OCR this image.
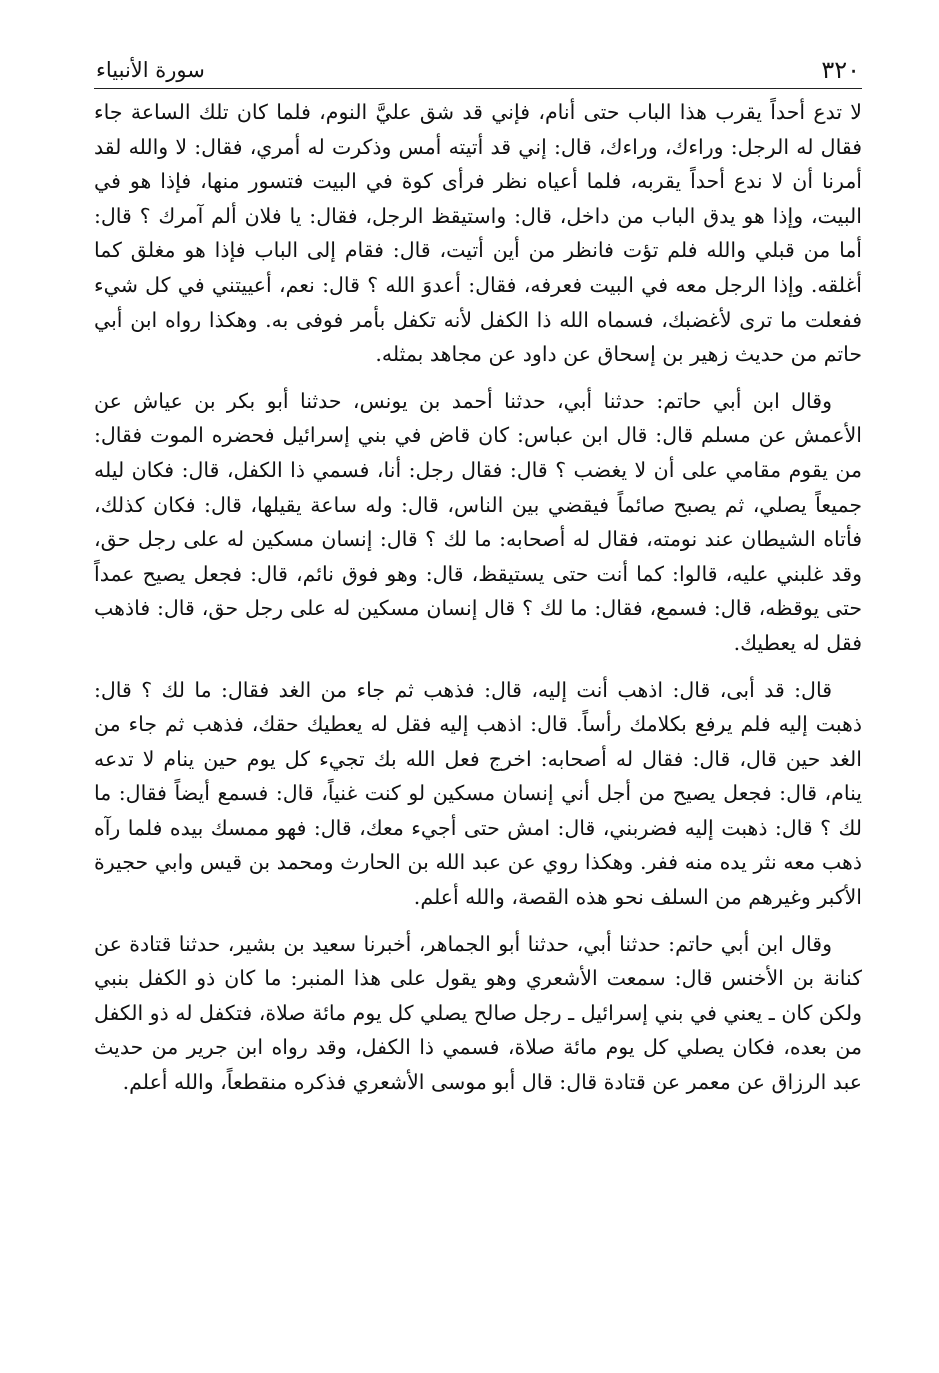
٣٢٠
سورة الأنبياء

لا تدع أحداً يقرب هذا الباب حتى أنام، فإني قد شق عليَّ النوم، فلما كان تلك الساعة جاء فقال له الرجل: وراءك، وراءك، قال: إني قد أتيته أمس وذكرت له أمري، فقال: لا والله لقد أمرنا أن لا ندع أحداً يقربه، فلما أعياه نظر فرأى كوة في البيت فتسور منها، فإذا هو في البيت، وإذا هو يدق الباب من داخل، قال: واستيقظ الرجل، فقال: يا فلان ألم آمرك ؟ قال: أما من قبلي والله فلم تؤت فانظر من أين أتيت، قال: فقام إلى الباب فإذا هو مغلق كما أغلقه. وإذا الرجل معه في البيت فعرفه، فقال: أعدوَ الله ؟ قال: نعم، أعييتني في كل شيء ففعلت ما ترى لأغضبك، فسماه الله ذا الكفل لأنه تكفل بأمر فوفى به. وهكذا رواه ابن أبي حاتم من حديث زهير بن إسحاق عن داود عن مجاهد بمثله.

وقال ابن أبي حاتم: حدثنا أبي، حدثنا أحمد بن يونس، حدثنا أبو بكر بن عياش عن الأعمش عن مسلم قال: قال ابن عباس: كان قاض في بني إسرائيل فحضره الموت فقال: من يقوم مقامي على أن لا يغضب ؟ قال: فقال رجل: أنا، فسمي ذا الكفل، قال: فكان ليله جميعاً يصلي، ثم يصبح صائماً فيقضي بين الناس، قال: وله ساعة يقيلها، قال: فكان كذلك، فأتاه الشيطان عند نومته، فقال له أصحابه: ما لك ؟ قال: إنسان مسكين له على رجل حق، وقد غلبني عليه، قالوا: كما أنت حتى يستيقظ، قال: وهو فوق نائم، قال: فجعل يصيح عمداً حتى يوقظه، قال: فسمع، فقال: ما لك ؟ قال إنسان مسكين له على رجل حق، قال: فاذهب فقل له يعطيك.

قال: قد أبى، قال: اذهب أنت إليه، قال: فذهب ثم جاء من الغد فقال: ما لك ؟ قال: ذهبت إليه فلم يرفع بكلامك رأساً. قال: اذهب إليه فقل له يعطيك حقك، فذهب ثم جاء من الغد حين قال، قال: فقال له أصحابه: اخرج فعل الله بك تجيء كل يوم حين ينام لا تدعه ينام، قال: فجعل يصيح من أجل أني إنسان مسكين لو كنت غنياً، قال: فسمع أيضاً فقال: ما لك ؟ قال: ذهبت إليه فضربني، قال: امش حتى أجيء معك، قال: فهو ممسك بيده فلما رآه ذهب معه نثر يده منه ففر. وهكذا روي عن عبد الله بن الحارث ومحمد بن قيس وابي حجيرة الأكبر وغيرهم من السلف نحو هذه القصة، والله أعلم.

وقال ابن أبي حاتم: حدثنا أبي، حدثنا أبو الجماهر، أخبرنا سعيد بن بشير، حدثنا قتادة عن كنانة بن الأخنس قال: سمعت الأشعري وهو يقول على هذا المنبر: ما كان ذو الكفل بنبي ولكن كان ـ يعني في بني إسرائيل ـ رجل صالح يصلي كل يوم مائة صلاة، فتكفل له ذو الكفل من بعده، فكان يصلي كل يوم مائة صلاة، فسمي ذا الكفل، وقد رواه ابن جرير من حديث عبد الرزاق عن معمر عن قتادة قال: قال أبو موسى الأشعري فذكره منقطعاً، والله أعلم.
